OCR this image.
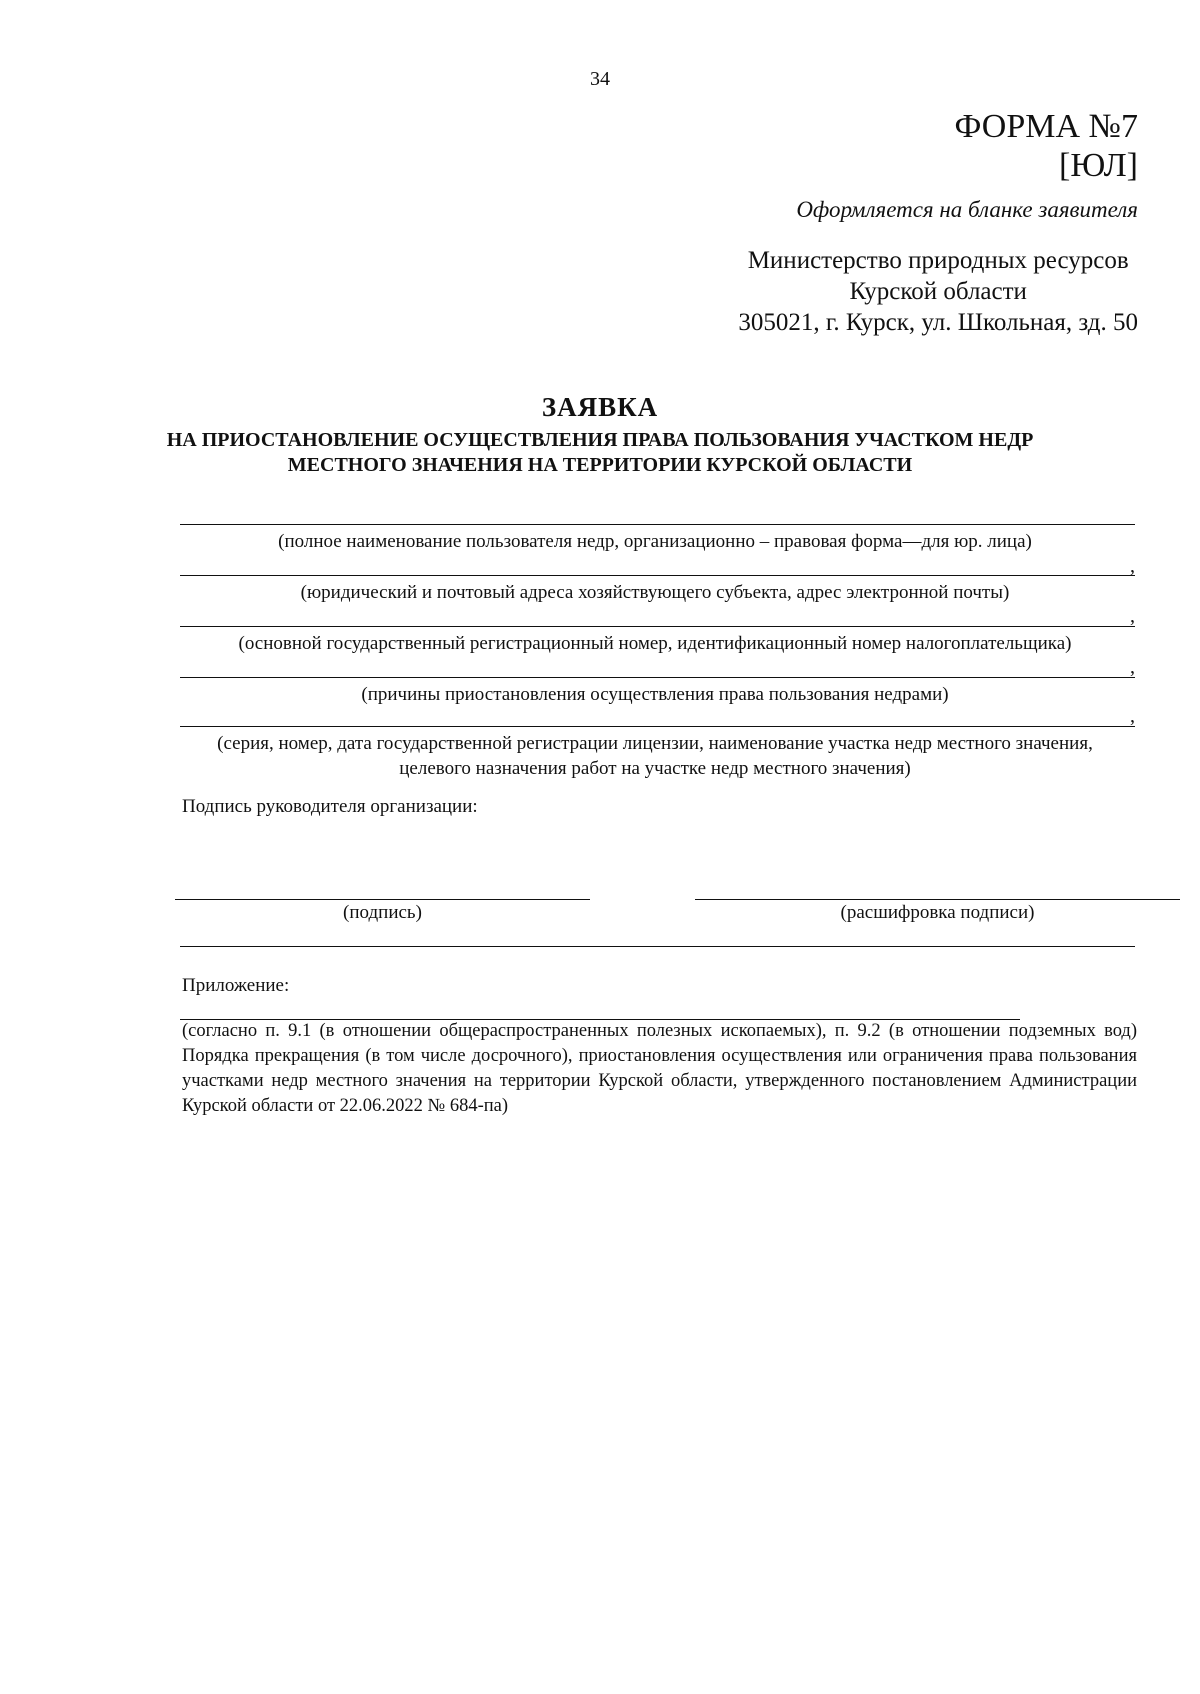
34
ФОРМА №7
[ЮЛ]
Оформляется на бланке заявителя
Министерство природных ресурсов
Курской области
305021, г. Курск, ул. Школьная, зд. 50
ЗАЯВКА
НА ПРИОСТАНОВЛЕНИЕ ОСУЩЕСТВЛЕНИЯ ПРАВА ПОЛЬЗОВАНИЯ УЧАСТКОМ НЕДР
МЕСТНОГО ЗНАЧЕНИЯ НА ТЕРРИТОРИИ КУРСКОЙ ОБЛАСТИ
(полное наименование пользователя недр, организационно – правовая форма—для юр. лица)
,
(юридический и почтовый адреса хозяйствующего субъекта, адрес электронной почты)
,
(основной государственный регистрационный номер, идентификационный номер налогоплательщика)
,
(причины приостановления осуществления права пользования недрами)
,
(серия, номер, дата государственной регистрации лицензии, наименование участка недр местного значения,
целевого назначения работ на участке недр местного значения)
Подпись руководителя организации:
(подпись)	(расшифровка подписи)
Приложение:
(согласно п. 9.1 (в отношении общераспространенных полезных ископаемых), п. 9.2 (в отношении подземных вод) Порядка прекращения (в том числе досрочного), приостановления осуществления или ограничения права пользования участками недр местного значения на территории Курской области, утвержденного постановлением Администрации Курской области от 22.06.2022 № 684-па)
